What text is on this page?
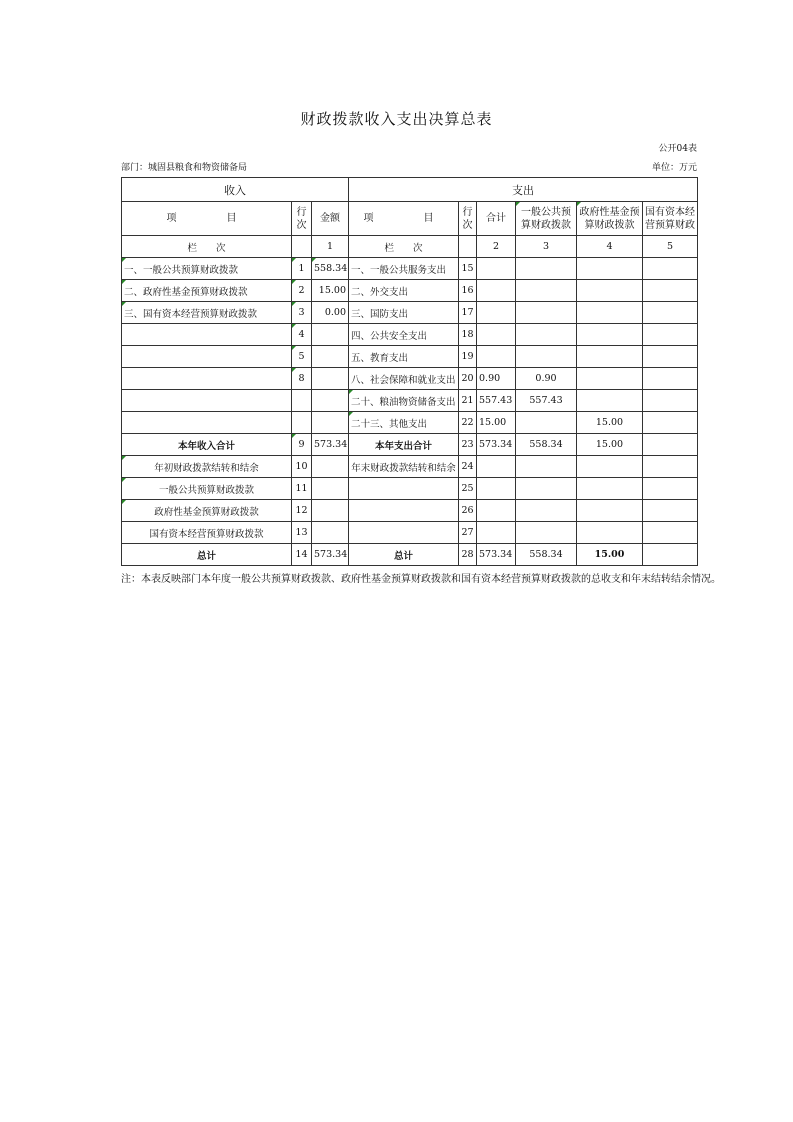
财政拨款收入支出决算总表
公开04表
部门：城固县粮食和物资储备局	单位：万元
收入			支出					
项　　目	行次	金额	项　　目	行次	合计	一般公共预算财政拨款	政府性基金预算财政拨款	国有资本经营预算财政
栏　　次		1	栏　　次		2	3	4	5
一、一般公共预算财政拨款	1	558.34	一、一般公共服务支出	15				
二、政府性基金预算财政拨款	2	15.00	二、外交支出	16				
三、国有资本经营预算财政拨款	3	0.00	三、国防支出	17				
	4		四、公共安全支出	18				
	5		五、教育支出	19				
	8		八、社会保障和就业支出	20	0.90	0.90		
			二十、粮油物资储备支出	21	557.43	557.43		
			二十三、其他支出	22	15.00		15.00	
本年收入合计	9	573.34	本年支出合计	23	573.34	558.34	15.00	
年初财政拨款结转和结余	10		年末财政拨款结转和结余	24				
一般公共预算财政拨款	11			25				
政府性基金预算财政拨款	12			26				
国有资本经营预算财政拨款	13			27				
总计	14	573.34	总计	28	573.34	558.34	15.00	
注：本表反映部门本年度一般公共预算财政拨款、政府性基金预算财政拨款和国有资本经营预算财政拨款的总收支和年末结转结余情况。
